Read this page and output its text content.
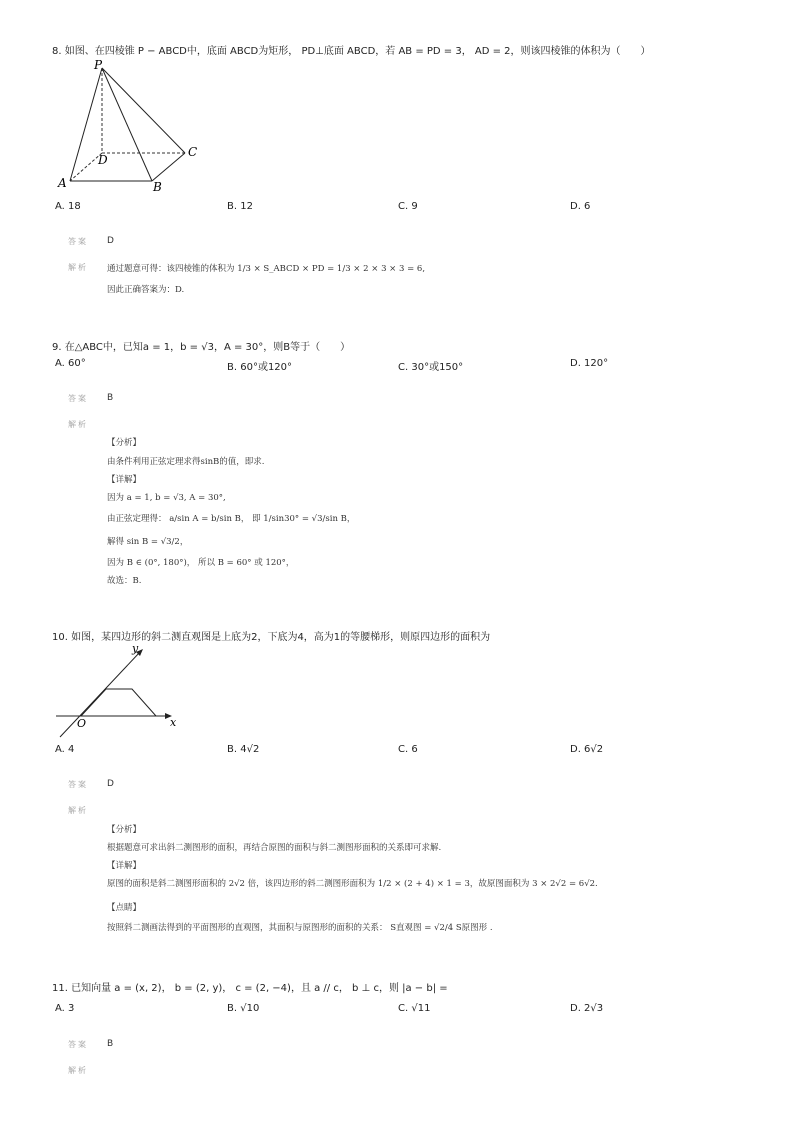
8. 如图、在四棱锥 P − ABCD中，底面 ABCD为矩形， PD⊥底面 ABCD，若 AB = PD = 3， AD = 2，则该四棱锥的体积为（　　）
P
A	B
C
D
A. 18	B. 12	C. 9	D. 6
答案 D
解析 通过题意可得：该四棱锥的体积为 1/3 × S_ABCD × PD = 1/3 × 2 × 3 × 3 = 6,
因此正确答案为：D.
9. 在△ABC中，已知a = 1，b = √3，A = 30°，则B等于（　　）
A. 60°	B. 60°或120°	C. 30°或150°	D. 120°
答案 B
解析
【分析】
由条件利用正弦定理求得sinB的值，即求.
【详解】
因为 a = 1, b = √3, A = 30°,
由正弦定理得： a/sin A = b/sin B， 即 1/sin30° = √3/sin B，
解得 sin B = √3/2，
因为 B ∈ (0°, 180°)， 所以 B = 60° 或 120°，
故选：B.
10. 如图，某四边形的斜二测直观图是上底为2，下底为4，高为1的等腰梯形，则原四边形的面积为
y
x
O
A. 4	B. 4√2	C. 6	D. 6√2
答案 D
解析
【分析】
根据题意可求出斜二测图形的面积，再结合原图的面积与斜二测图形面积的关系即可求解.
【详解】
原图的面积是斜二测图形面积的 2√2 倍，该四边形的斜二测图形面积为 1/2 × (2 + 4) × 1 = 3，故原图面积为 3 × 2√2 = 6√2.
【点睛】
按照斜二测画法得到的平面图形的直观图，其面积与原图形的面积的关系： S直观图 = √2/4 S原图形 .
11. 已知向量 a = (x, 2)， b = (2, y)， c = (2, −4)，且 a // c， b ⊥ c，则 |a − b| =
A. 3	B. √10	C. √11	D. 2√3
答案 B
解析
